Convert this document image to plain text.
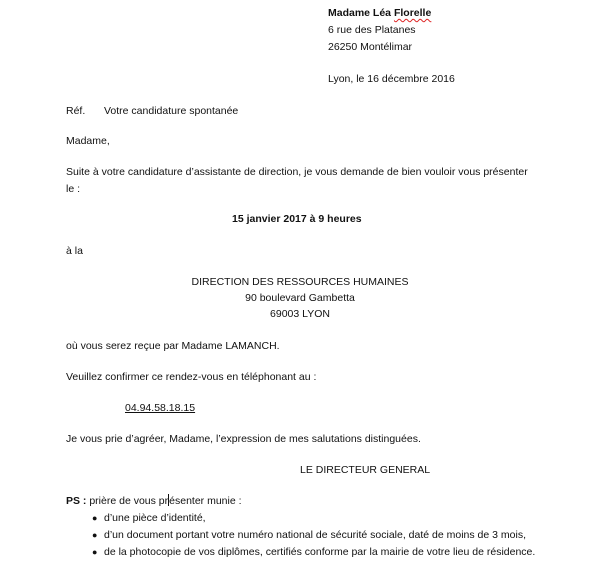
Madame Léa Florelle
6 rue des Platanes
26250 Montélimar
Lyon, le 16 décembre 2016
Réf. Votre candidature spontanée
Madame,
Suite à votre candidature d’assistante de direction, je vous demande de bien vouloir vous présenter
le :
15 janvier 2017 à 9 heures
à la
DIRECTION DES RESSOURCES HUMAINES
90 boulevard Gambetta
69003 LYON
où vous serez reçue par Madame LAMANCH.
Veuillez confirmer ce rendez-vous en téléphonant au :
04.94.58.18.15
Je vous prie d’agréer, Madame, l’expression de mes salutations distinguées.
LE DIRECTEUR GENERAL
PS : prière de vous présenter munie :
● d’une pièce d’identité,
● d’un document portant votre numéro national de sécurité sociale, daté de moins de 3 mois,
● de la photocopie de vos diplômes, certifiés conforme par la mairie de votre lieu de résidence.
